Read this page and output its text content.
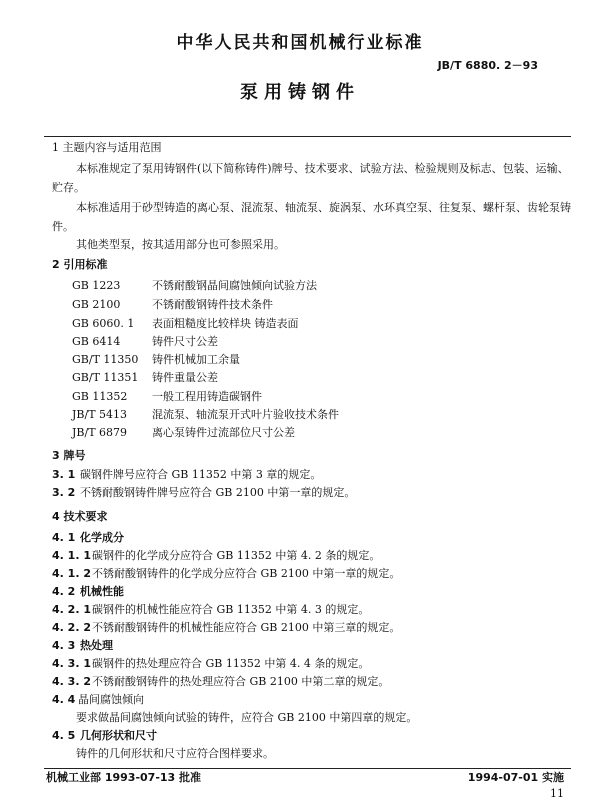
中华人民共和国机械行业标准
JB/T 6880. 2－93
泵用铸钢件
1 主题内容与适用范围
本标准规定了泵用铸钢件(以下简称铸件)牌号、技术要求、试验方法、检验规则及标志、包装、运输、
贮存。
本标准适用于砂型铸造的离心泵、混流泵、轴流泵、旋涡泵、水环真空泵、往复泵、螺杆泵、齿轮泵铸
件。
其他类型泵，按其适用部分也可参照采用。
2 引用标准
GB 1223	不锈耐酸钢晶间腐蚀倾向试验方法
GB 2100	不锈耐酸钢铸件技术条件
GB 6060. 1 表面粗糙度比较样块 铸造表面
GB 6414	铸件尺寸公差
GB/T 11350 铸件机械加工余量
GB/T 11351 铸件重量公差
GB 11352 一般工程用铸造碳钢件
JB/T 5413 混流泵、轴流泵开式叶片验收技术条件
JB/T 6879 离心泵铸件过流部位尺寸公差
3 牌号
3. 1 碳钢件牌号应符合 GB 11352 中第 3 章的规定。
3. 2 不锈耐酸钢铸件牌号应符合 GB 2100 中第一章的规定。
4 技术要求
4. 1 化学成分
4. 1. 1 碳钢件的化学成分应符合 GB 11352 中第 4. 2 条的规定。
4. 1. 2 不锈耐酸钢铸件的化学成分应符合 GB 2100 中第一章的规定。
4. 2 机械性能
4. 2. 1 碳钢件的机械性能应符合 GB 11352 中第 4. 3 的规定。
4. 2. 2 不锈耐酸钢铸件的机械性能应符合 GB 2100 中第三章的规定。
4. 3 热处理
4. 3. 1 碳钢件的热处理应符合 GB 11352 中第 4. 4 条的规定。
4. 3. 2 不锈耐酸钢铸件的热处理应符合 GB 2100 中第二章的规定。
4. 4 晶间腐蚀倾向
要求做晶间腐蚀倾向试验的铸件，应符合 GB 2100 中第四章的规定。
4. 5 几何形状和尺寸
铸件的几何形状和尺寸应符合图样要求。
机械工业部 1993-07-13 批准	1994-07-01 实施
11
